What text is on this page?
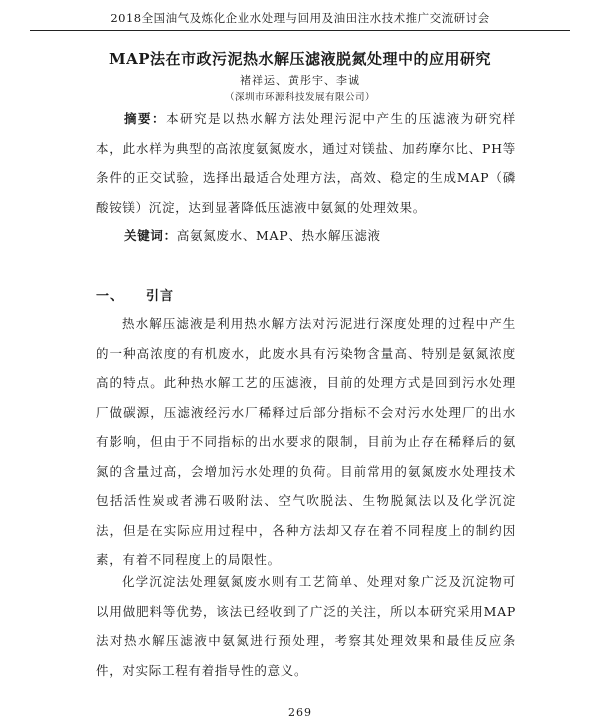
2018全国油气及炼化企业水处理与回用及油田注水技术推广交流研讨会
MAP法在市政污泥热水解压滤液脱氮处理中的应用研究
褚祥运、黄彤宇、李诚
（深圳市环源科技发展有限公司）
摘要：本研究是以热水解方法处理污泥中产生的压滤液为研究样本，此水样为典型的高浓度氨氮废水，通过对镁盐、加药摩尔比、PH等条件的正交试验，选择出最适合处理方法，高效、稳定的生成MAP（磷酸铵镁）沉淀，达到显著降低压滤液中氨氮的处理效果。
关键词：高氨氮废水、MAP、热水解压滤液
一、 引言
热水解压滤液是利用热水解方法对污泥进行深度处理的过程中产生的一种高浓度的有机废水，此废水具有污染物含量高、特别是氨氮浓度高的特点。此种热水解工艺的压滤液，目前的处理方式是回到污水处理厂做碳源，压滤液经污水厂稀释过后部分指标不会对污水处理厂的出水有影响，但由于不同指标的出水要求的限制，目前为止存在稀释后的氨氮的含量过高，会增加污水处理的负荷。目前常用的氨氮废水处理技术包括活性炭或者沸石吸附法、空气吹脱法、生物脱氮法以及化学沉淀法，但是在实际应用过程中，各种方法却又存在着不同程度上的制约因素，有着不同程度上的局限性。
化学沉淀法处理氨氮废水则有工艺简单、处理对象广泛及沉淀物可以用做肥料等优势，该法已经收到了广泛的关注，所以本研究采用MAP法对热水解压滤液中氨氮进行预处理，考察其处理效果和最佳反应条件，对实际工程有着指导性的意义。
269
